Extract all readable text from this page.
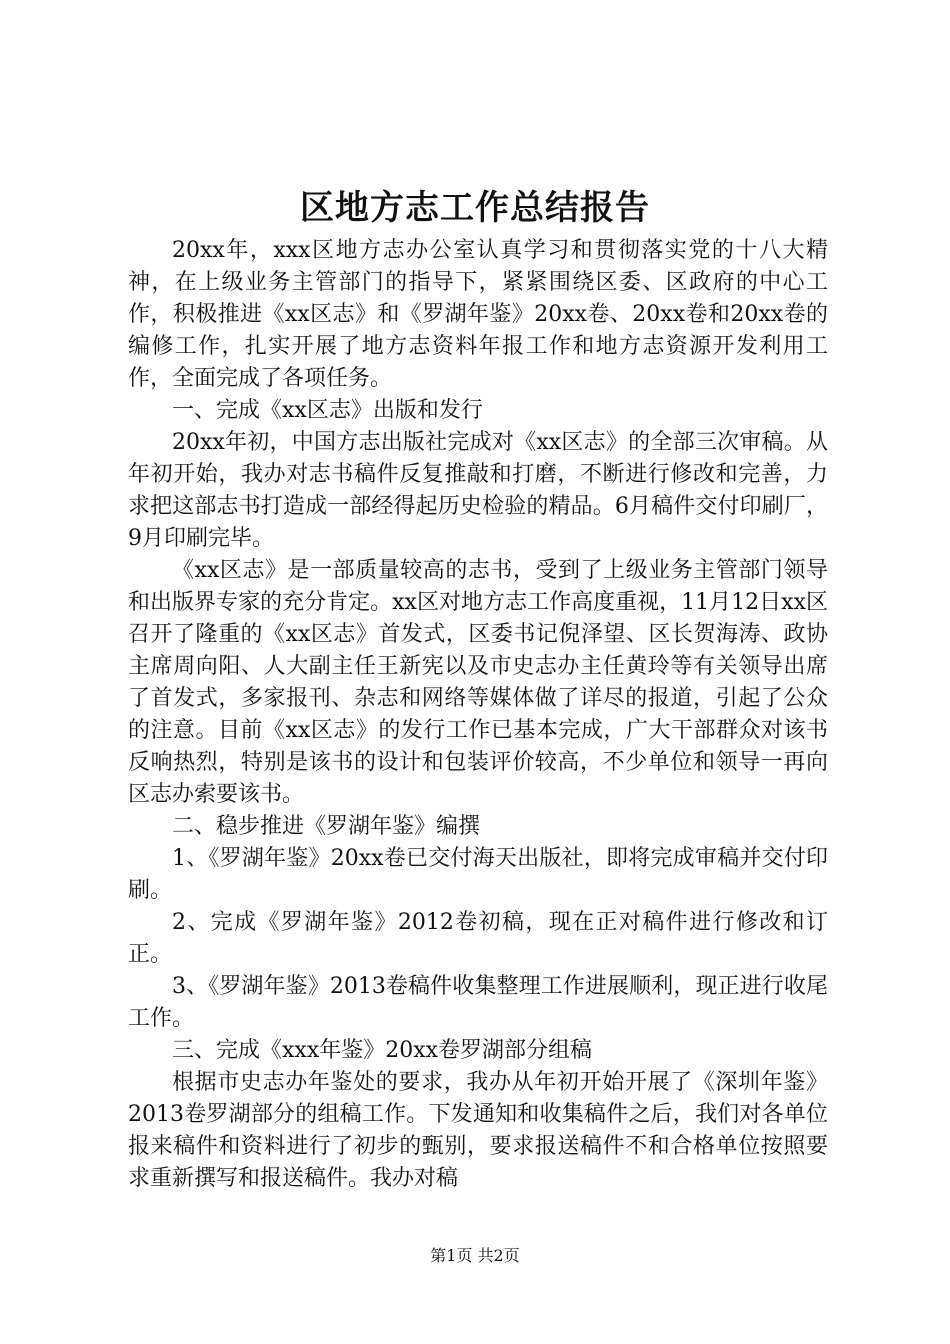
区地方志工作总结报告

20xx年，xxx区地方志办公室认真学习和贯彻落实党的十八大精神，在上级业务主管部门的指导下，紧紧围绕区委、区政府的中心工作，积极推进《xx区志》和《罗湖年鉴》20xx卷、20xx卷和20xx卷的编修工作，扎实开展了地方志资料年报工作和地方志资源开发利用工作，全面完成了各项任务。

一、完成《xx区志》出版和发行

20xx年初，中国方志出版社完成对《xx区志》的全部三次审稿。从年初开始，我办对志书稿件反复推敲和打磨，不断进行修改和完善，力求把这部志书打造成一部经得起历史检验的精品。6月稿件交付印刷厂，9月印刷完毕。

《xx区志》是一部质量较高的志书，受到了上级业务主管部门领导和出版界专家的充分肯定。xx区对地方志工作高度重视，11月12日xx区召开了隆重的《xx区志》首发式，区委书记倪泽望、区长贺海涛、政协主席周向阳、人大副主任王新宪以及市史志办主任黄玲等有关领导出席了首发式，多家报刊、杂志和网络等媒体做了详尽的报道，引起了公众的注意。目前《xx区志》的发行工作已基本完成，广大干部群众对该书反响热烈，特别是该书的设计和包装评价较高，不少单位和领导一再向区志办索要该书。

二、稳步推进《罗湖年鉴》编撰

1、《罗湖年鉴》20xx卷已交付海天出版社，即将完成审稿并交付印刷。

2、完成《罗湖年鉴》2012卷初稿，现在正对稿件进行修改和订正。

3、《罗湖年鉴》2013卷稿件收集整理工作进展顺利，现正进行收尾工作。

三、完成《xxx年鉴》20xx卷罗湖部分组稿

根据市史志办年鉴处的要求，我办从年初开始开展了《深圳年鉴》2013卷罗湖部分的组稿工作。下发通知和收集稿件之后，我们对各单位报来稿件和资料进行了初步的甄别，要求报送稿件不和合格单位按照要求重新撰写和报送稿件。我办对稿

第1页 共2页
